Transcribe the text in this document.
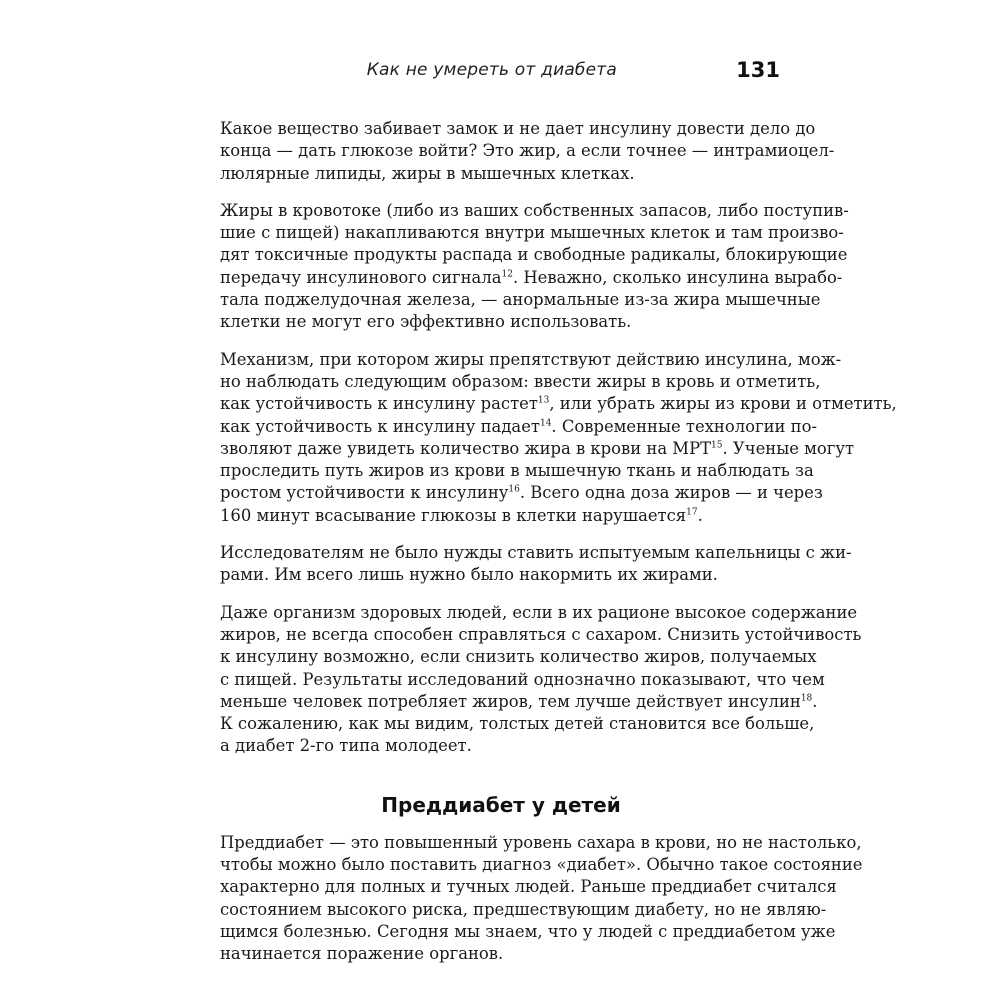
Как не умереть от диабета	131

Какое вещество забивает замок и не дает инсулину довести дело до
конца — дать глюкозе войти? Это жир, а если точнее — интрамиоцел-
люлярные липиды, жиры в мышечных клетках.

Жиры в кровотоке (либо из ваших собственных запасов, либо поступив-
шие с пищей) накапливаются внутри мышечных клеток и там произво-
дят токсичные продукты распада и свободные радикалы, блокирующие
передачу инсулинового сигнала$^{12}$. Неважно, сколько инсулина вырабо-
тала поджелудочная железа, — анормальные из-за жира мышечные
клетки не могут его эффективно использовать.

Механизм, при котором жиры препятствуют действию инсулина, мож-
но наблюдать следующим образом: ввести жиры в кровь и отметить,
как устойчивость к инсулину растет$^{13}$, или убрать жиры из крови и отметить,
как устойчивость к инсулину падает$^{14}$. Современные технологии по-
зволяют даже увидеть количество жира в крови на МРТ$^{15}$. Ученые могут
проследить путь жиров из крови в мышечную ткань и наблюдать за
ростом устойчивости к инсулину$^{16}$. Всего одна доза жиров — и через
160 минут всасывание глюкозы в клетки нарушается$^{17}$.

Исследователям не было нужды ставить испытуемым капельницы с жи-
рами. Им всего лишь нужно было накормить их жирами.

Даже организм здоровых людей, если в их рационе высокое содержание
жиров, не всегда способен справляться с сахаром. Снизить устойчивость
к инсулину возможно, если снизить количество жиров, получаемых
с пищей. Результаты исследований однозначно показывают, что чем
меньше человек потребляет жиров, тем лучше действует инсулин$^{18}$.
К сожалению, как мы видим, толстых детей становится все больше,
а диабет 2-го типа молодеет.

Преддиабет у детей

Преддиабет — это повышенный уровень сахара в крови, но не настолько,
чтобы можно было поставить диагноз «диабет». Обычно такое состояние
характерно для полных и тучных людей. Раньше преддиабет считался
состоянием высокого риска, предшествующим диабету, но не являю-
щимся болезнью. Сегодня мы знаем, что у людей с преддиабетом уже
начинается поражение органов.
